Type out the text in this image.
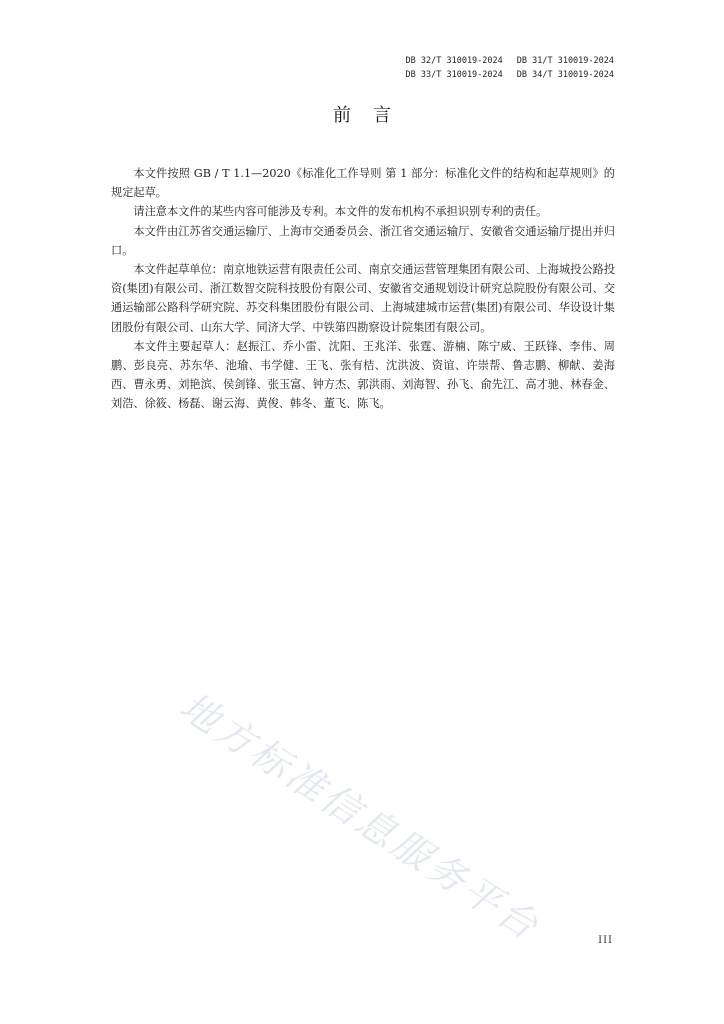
DB 32/T 310019-2024 DB 31/T 310019-2024
DB 33/T 310019-2024 DB 34/T 310019-2024
前言

本文件按照 GB / T 1.1—2020《标准化工作导则 第 1 部分：标准化文件的结构和起草规则》的规定起草。

请注意本文件的某些内容可能涉及专利。本文件的发布机构不承担识别专利的责任。

本文件由江苏省交通运输厅、上海市交通委员会、浙江省交通运输厅、安徽省交通运输厅提出并归口。

本文件起草单位：南京地铁运营有限责任公司、南京交通运营管理集团有限公司、上海城投公路投资(集团)有限公司、浙江数智交院科技股份有限公司、安徽省交通规划设计研究总院股份有限公司、交通运输部公路科学研究院、苏交科集团股份有限公司、上海城建城市运营(集团)有限公司、华设设计集团股份有限公司、山东大学、同济大学、中铁第四勘察设计院集团有限公司。

本文件主要起草人：赵振江、乔小雷、沈阳、王兆洋、张霆、游楠、陈宁威、王跃锋、李伟、周鹏、彭良亮、苏东华、池瑜、韦学健、王飞、张有桔、沈洪波、资谊、许崇帮、鲁志鹏、柳献、姜海西、曹永勇、刘艳滨、侯剑锋、张玉富、钟方杰、郭洪雨、刘海智、孙飞、俞先江、高才驰、林春金、刘浩、徐筱、杨磊、谢云海、黄俊、韩冬、董飞、陈飞。

地方标准信息服务平台	III
